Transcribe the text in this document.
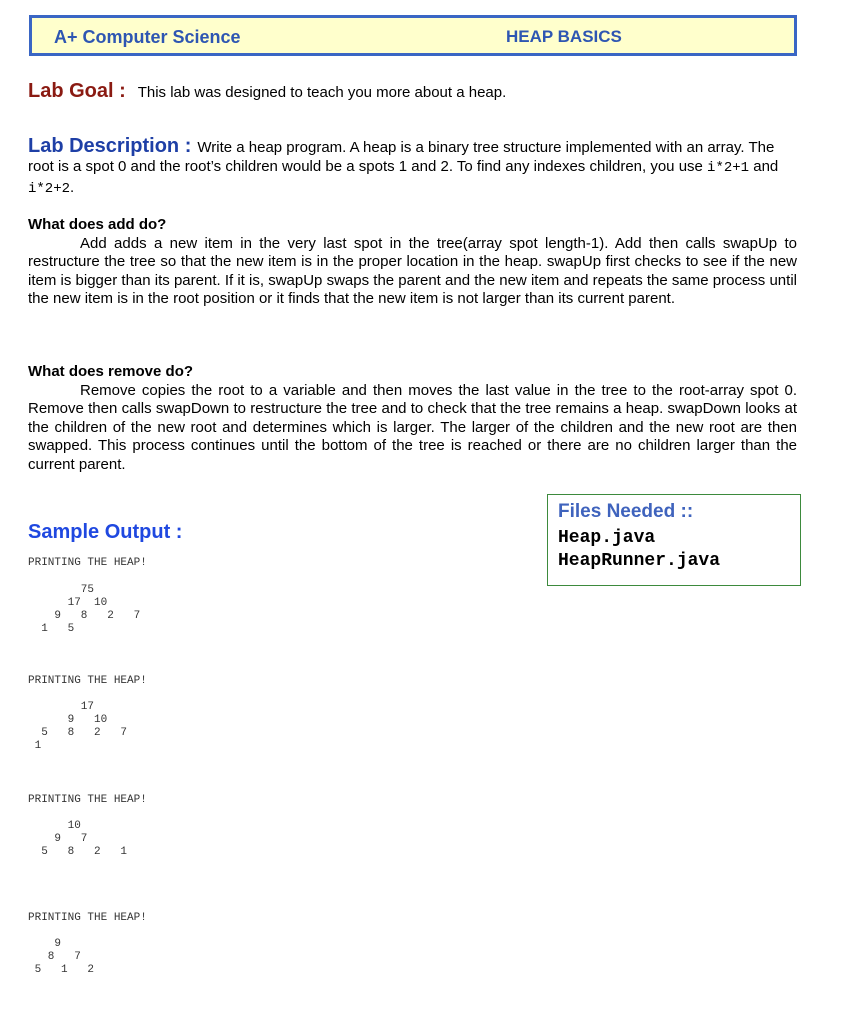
A+ Computer Science	HEAP BASICS
Lab Goal : This lab was designed to teach you more about a heap.
Lab Description : Write a heap program. A heap is a binary tree structure implemented with an array. The root is a spot 0 and the root’s children would be a spots 1 and 2. To find any indexes children, you use i*2+1 and i*2+2.
What does add do?
Add adds a new item in the very last spot in the tree(array spot length-1). Add then calls swapUp to restructure the tree so that the new item is in the proper location in the heap. swapUp first checks to see if the new item is bigger than its parent. If it is, swapUp swaps the parent and the new item and repeats the same process until the new item is in the root position or it finds that the new item is not larger than its current parent.
What does remove do?
Remove copies the root to a variable and then moves the last value in the tree to the root-array spot 0. Remove then calls swapDown to restructure the tree and to check that the tree remains a heap. swapDown looks at the children of the new root and determines which is larger. The larger of the children and the new root are then swapped. This process continues until the bottom of the tree is reached or there are no children larger than the current parent.
Files Needed ::
Heap.java
HeapRunner.java
Sample Output :
PRINTING THE HEAP!
75
17  10
9   8   2   7
1   5
PRINTING THE HEAP!
17
9   10
5   8   2   7
1
PRINTING THE HEAP!
10
9   7
5   8   2   1
PRINTING THE HEAP!
9
8   7
5   1   2
